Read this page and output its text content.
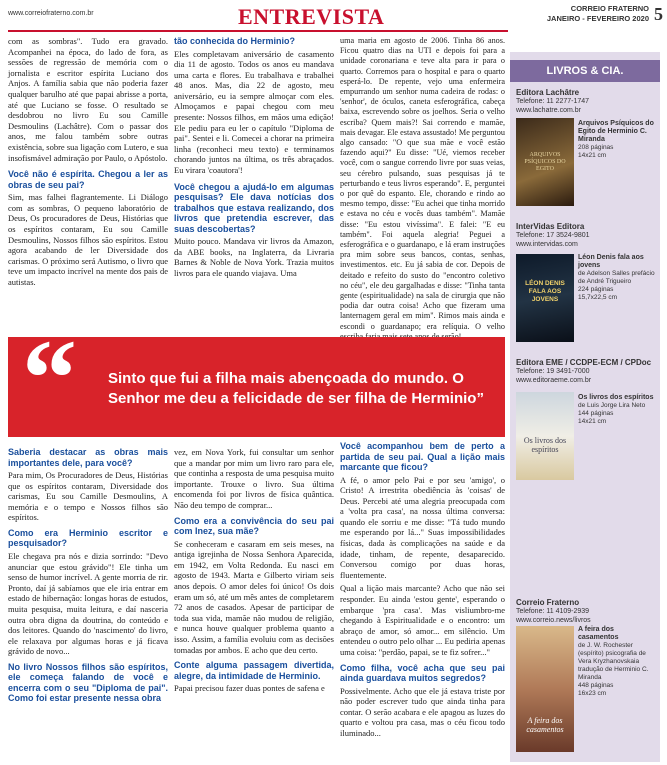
www.correiofraterno.com.br	ENTREVISTA	CORREIO FRATERNO
JANEIRO - FEVEREIRO 2020 5

com as sombras". Tudo era gravado. Acompanhei na época, do lado de fora, as sessões de regressão de memória com o jornalista e escritor espírita Luciano dos Anjos. A família sabia que não poderia fazer qualquer barulho até que papai abrisse a porta, até que Luciano se fosse. O resultado se desdobrou no livro Eu sou Camille Desmoulins (Lachâtre). Com o passar dos anos, me falou também sobre outras existência, sobre sua ligação com Lutero, e sua insofismável admiração por Paulo, o Apóstolo.

Você não é espírita. Chegou a ler as obras de seu pai?

Sim, mas falhei flagrantemente. Li Diálogo com as sombras, O pequeno laboratório de Deus, Os procuradores de Deus, Histórias que os espíritos contaram, Eu sou Camille Desmoulins, Nossos filhos são espíritos. Estou agora acabando de ler Diversidade dos carismas. O próximo será Autismo, o livro que teve um impacto incrível na mente dos pais de autistas.

tão conhecida do Herminio?

Eles completavam aniversário de casamento dia 11 de agosto. Todos os anos eu mandava uma carta e flores. Eu trabalhava e trabalhei 48 anos. Mas, dia 22 de agosto, meu aniversário, eu ia sempre almoçar com eles. Almoçamos e papai chegou com meu presente: Nossos filhos, em mãos uma edição! Ele pediu para eu ler o capítulo "Diploma de pai". Sentei e li. Comecei a chorar na primeira linha (reconheci meu texto) e terminamos chorando juntos na última, os três abraçados. Eu virara 'coautora'!

Você chegou a ajudá-lo em algumas pesquisas? Ele dava notícias dos trabalhos que estava realizando, dos livros que pretendia escrever, das suas descobertas?

Muito pouco. Mandava vir livros da Amazon, da ABE books, na Inglaterra, da Livraria Barnes & Noble de Nova York. Trazia muitos livros para ele quando viajava. Uma

uma maria em agosto de 2006. Tinha 86 anos. Ficou quatro dias na UTI e depois foi para a unidade coronariana e teve alta para ir para o quarto. Corremos para o hospital e para o quarto esperá-lo. De repente, vejo uma enfermeira empurrando um senhor numa cadeira de rodas: o 'senhor', de óculos, caneta esferográfica, cabeça baixa, escrevendo sobre os joelhos. Seria o velho escriba? Quem mais?! Sai correndo e mamãe, mais devagar. Ele estava assustado! Me perguntou algo cansado: "O que sua mãe e você estão fazendo aqui?" Eu disse: "Ué, viemos receber você, com o sangue correndo livre por suas veias, seu cérebro pulsando, suas pesquisas já te perturbando e teus livros esperando". E, perguntei o por quê do espanto. Ele, chorando e rindo ao mesmo tempo, disse: "Eu achei que tinha morrido e estava no céu e vocês duas também". Mamãe disse: "Eu estou vivíssima". E falei: "E eu também". Foi aquela alegria! Peguei a esferográfica e o guardanapo, e lá eram instruções pra mim sobre seus bancos, contas, senhas, investimentos. etc. Eu já sabia de cor. Depois de deitado e refeito do susto do "encontro coletivo no céu", ele deu gargalhadas e disse: "Tinha tanta gente (espiritualidade) na sala de cirurgia que não podia dar outra coisa! Acho que fizeram uma lanternagem geral em mim". Rimos mais ainda e escondi o guardanapo; era relíquia. O velho

“ Sinto que fui a filha mais abençoada do mundo. O Senhor me deu a felicidade de ser filha de Herminio”
Saberia destacar as obras mais importantes dele, para você?

Para mim, Os Procuradores de Deus, Histórias que os espíritos contaram, Diversidade dos carismas, Eu sou Camille Desmoulins, A memória e o tempo e Nossos filhos são espíritos.

Como era Herminio escritor e pesquisador?

Ele chegava pra nós e dizia sorrindo: "Devo anunciar que estou grávido"! Ele tinha um senso de humor incrível. A gente morria de rir. Pronto, daí já sabíamos que ele iria entrar em estado de hibernação: longas horas de estudos, muita pesquisa, muita leitura, e daí nasceria outra obra digna da doutrina, do conteúdo e dos leitores. Quando do 'nascimento' do livro, ele relaxava por algumas horas e já ficava grávido de novo...

No livro Nossos filhos são espíritos, ele começa falando de você e encerra com o seu "Diploma de pai". Como foi estar presente nessa obra

vez, em Nova York, fui consultar um senhor que a mandar por mim um livro raro para ele, que continha a resposta de uma pesquisa muito importante. Trouxe o livro. Sua última encomenda foi por livros de física quântica. Não deu tempo de comprar...

Como era a convivência do seu pai com Inez, sua mãe?

Se conheceram e casaram em seis meses, na antiga igrejinha de Nossa Senhora Aparecida, em 1942, em Volta Redonda. Eu nasci em agosto de 1943. Marta e Gilberto viriam seis anos depois. O amor deles foi único! Os dois eram um só, até um mês antes de completarem 72 anos de casados. Apesar de participar de toda sua vida, mamãe não mudou de religião, e nunca houve qualquer problema quanto a isso. Assim, a família evoluiu com as decisões tomadas por ambos. E acho que deu certo.

Conte alguma passagem divertida, alegre, da intimidade de Herminio.

Papai precisou fazer duas pontes de safena e

Você acompanhou bem de perto a partida de seu pai. Qual a lição mais marcante que ficou?

A fé, o amor pelo Pai e por seu 'amigo', o Cristo! A irrestrita obediência às 'coisas' de Deus. Percebi até uma alegria preocupada com a 'volta pra casa', na nossa última conversa: quando ele sorriu e me disse: "Tá tudo mundo me esperando por lá..." Suas impossibilidades físicas, dada às complicações na saúde e da idade, tinham, de repente, desaparecido. Conversou comigo por duas horas, fluentemente.

Qual a lição mais marcante? Acho que não sei responder. Eu ainda 'estou gente', esperando o embarque 'pra casa'. Mas visliumbro-me chegando à Espiritualidade e o encontro: um abraço de amor, só amor... em silêncio. Um entendeu o outro pelo olhar ... Eu pediria apenas uma coisa: "perdão, papai, se te fiz sofrer..."

Como filha, você acha que seu pai ainda guardava muitos segredos?

Possivelmente. Acho que ele já estava triste por não poder escrever tudo que ainda tinha para contar. O serão acabara e ele apagou as luzes do quarto e voltou pra casa, mas o céu ficou todo iluminado...

LIVROS & CIA.
Editora Lachâtre
Telefone: 11 2277-1747
www.lachatre.com.br
ARQUIVOS PSÍQUICOS DO EGITO
Arquivos Psíquicos do Egito de Herminio C. Miranda
208 páginas
14x21 cm
InterVidas Editora
Telefone: 17 3524-9801
www.intervidas.com
LÉON DENIS FALA AOS JOVENS
Léon Denis fala aos jovens
de Adelson Salles prefácio de André Trigueiro
224 páginas
15,7x22,5 cm
Editora EME / CCDPE-ECM / CPDoc
Telefone: 19 3491-7000
www.editoraeme.com.br
Os livros dos espíritos
Os livros dos espíritos
de Luis Jorge Lira Neto
144 páginas
14x21 cm
Correio Fraterno
Telefone: 11 4109-2939
www.correio.news/livros
A feira dos casamentos
A feira dos casamentos
de J. W. Rochester (espírito) psicografia de Vera Kryzhanovskaia tradução de Herminio C. Miranda
448 páginas
16x23 cm
